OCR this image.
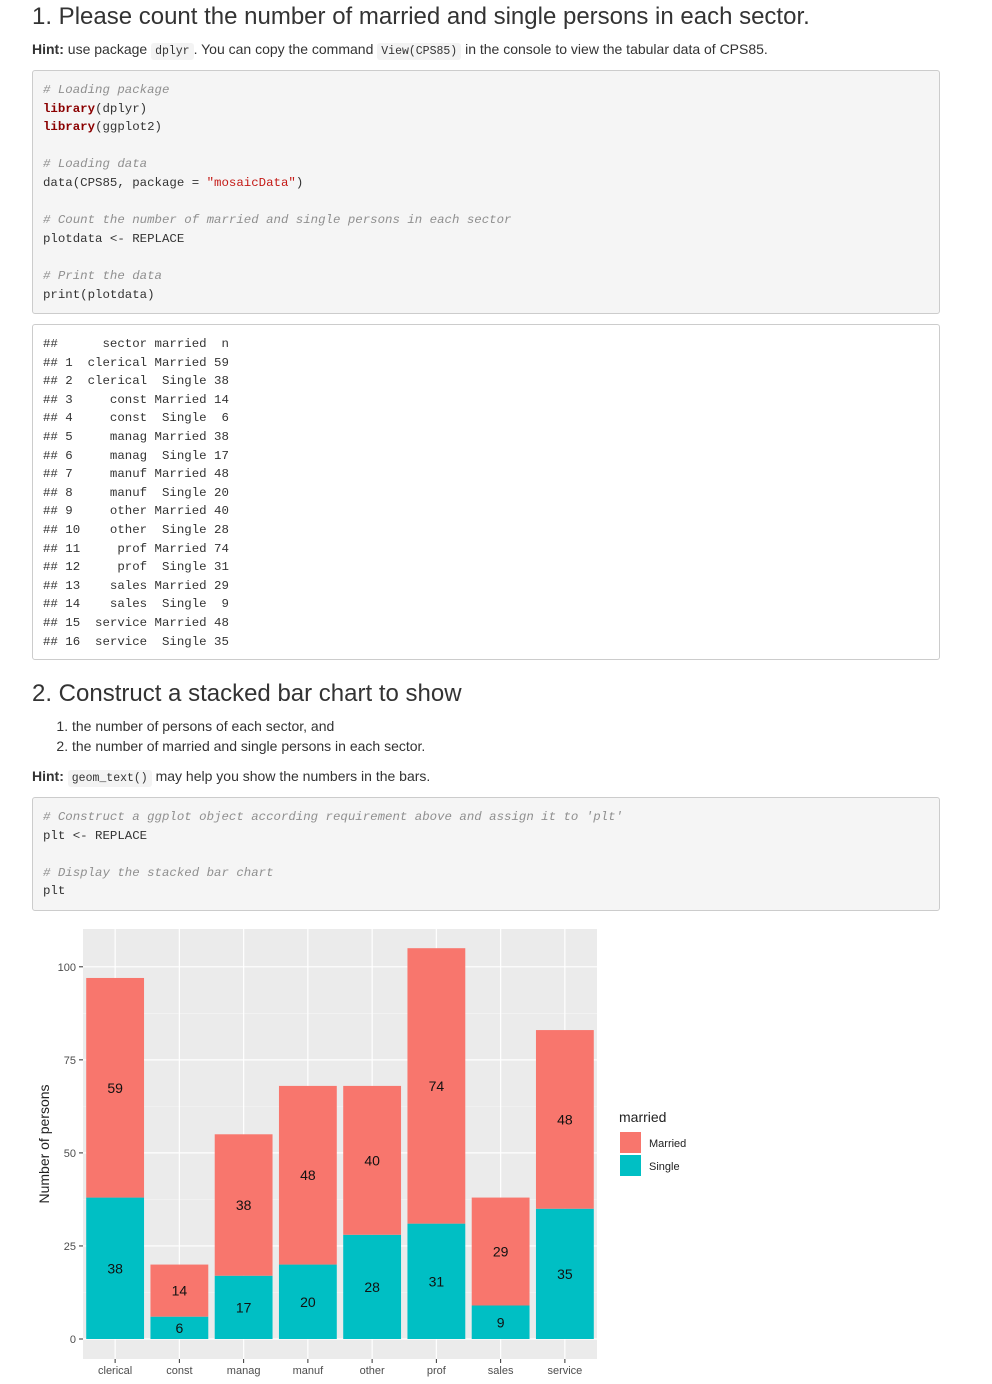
1. Please count the number of married and single persons in each sector.
Hint: use package dplyr . You can copy the command View(CPS85) in the console to view the tabular data of CPS85.
# Loading package
library(dplyr)
library(ggplot2)

# Loading data
data(CPS85, package = "mosaicData")

# Count the number of married and single persons in each sector
plotdata <- REPLACE

# Print the data
print(plotdata)
##      sector married  n
## 1  clerical Married 59
## 2  clerical  Single 38
## 3     const Married 14
## 4     const  Single  6
## 5     manag Married 38
## 6     manag  Single 17
## 7     manuf Married 48
## 8     manuf  Single 20
## 9     other Married 40
## 10    other  Single 28
## 11     prof Married 74
## 12     prof  Single 31
## 13    sales Married 29
## 14    sales  Single  9
## 15  service Married 48
## 16  service  Single 35
2. Construct a stacked bar chart to show
1. the number of persons of each sector, and
2. the number of married and single persons in each sector.
Hint: geom_text() may help you show the numbers in the bars.
# Construct a ggplot object according requirement above and assign it to 'plt'
plt <- REPLACE

# Display the stacked bar chart
plt
0
25
50
75
100
38
59
clerical
6
14
const
17
38
manag
20
48
manuf
28
40
other
31
74
prof
9
29
sales
35
48
service
Number of persons	married
Married
Single
